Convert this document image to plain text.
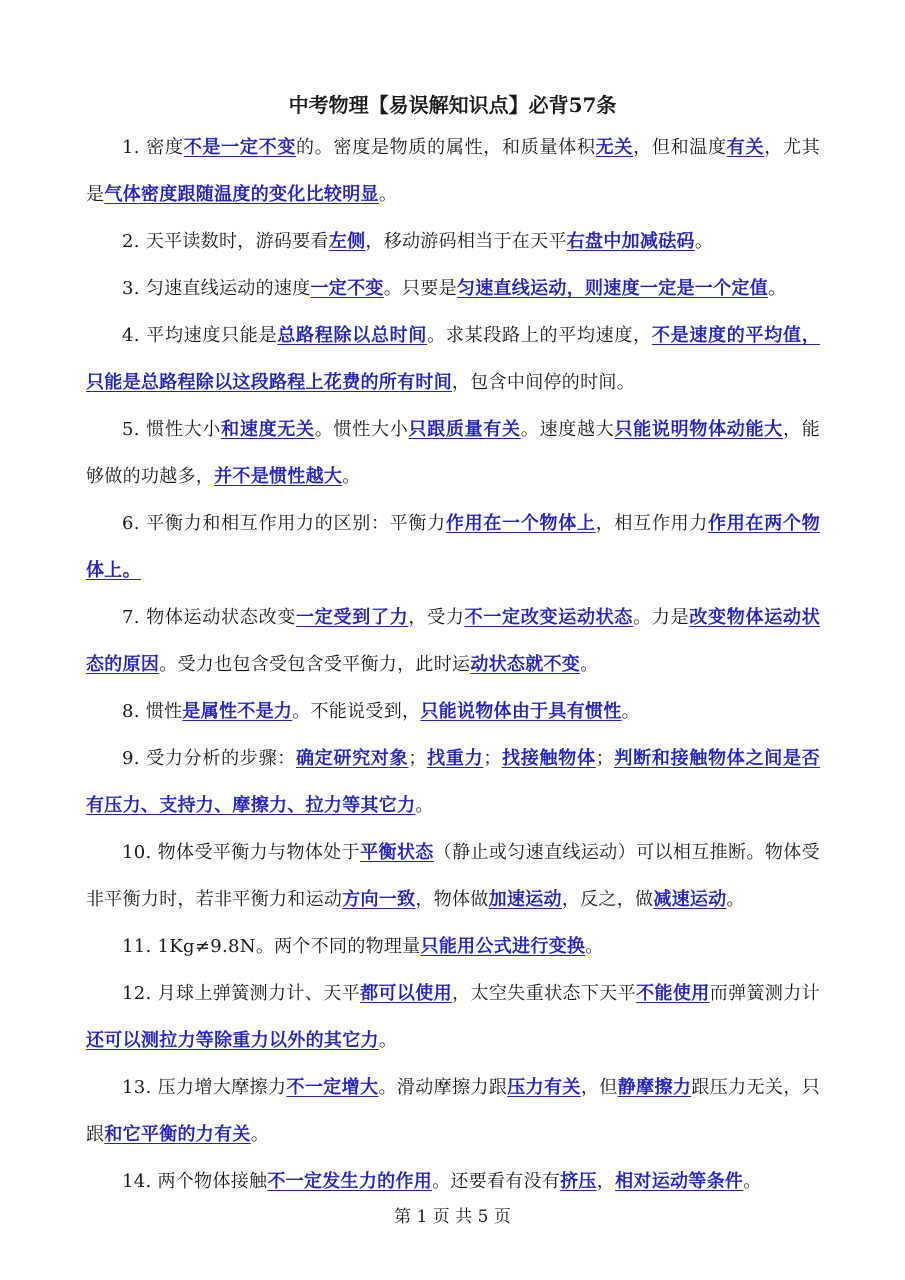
中考物理【易误解知识点】必背57条

1. 密度不是一定不变的。密度是物质的属性，和质量体积无关，但和温度有关，尤其是气体密度跟随温度的变化比较明显。

2. 天平读数时，游码要看左侧，移动游码相当于在天平右盘中加减砝码。

3. 匀速直线运动的速度一定不变。只要是匀速直线运动，则速度一定是一个定值。

4. 平均速度只能是总路程除以总时间。求某段路上的平均速度，不是速度的平均值，只能是总路程除以这段路程上花费的所有时间，包含中间停的时间。

5. 惯性大小和速度无关。惯性大小只跟质量有关。速度越大只能说明物体动能大，能够做的功越多，并不是惯性越大。

6. 平衡力和相互作用力的区别：平衡力作用在一个物体上，相互作用力作用在两个物体上。

7. 物体运动状态改变一定受到了力，受力不一定改变运动状态。力是改变物体运动状态的原因。受力也包含受包含受平衡力，此时运动状态就不变。

8. 惯性是属性不是力。不能说受到，只能说物体由于具有惯性。

9. 受力分析的步骤：确定研究对象；找重力；找接触物体；判断和接触物体之间是否有压力、支持力、摩擦力、拉力等其它力。

10. 物体受平衡力与物体处于平衡状态（静止或匀速直线运动）可以相互推断。物体受非平衡力时，若非平衡力和运动方向一致，物体做加速运动，反之，做减速运动。

11. 1Kg≠9.8N。两个不同的物理量只能用公式进行变换。

12. 月球上弹簧测力计、天平都可以使用，太空失重状态下天平不能使用而弹簧测力计还可以测拉力等除重力以外的其它力。

13. 压力增大摩擦力不一定增大。滑动摩擦力跟压力有关，但静摩擦力跟压力无关，只跟和它平衡的力有关。

14. 两个物体接触不一定发生力的作用。还要看有没有挤压，相对运动等条件。

第 1 页 共 5 页
